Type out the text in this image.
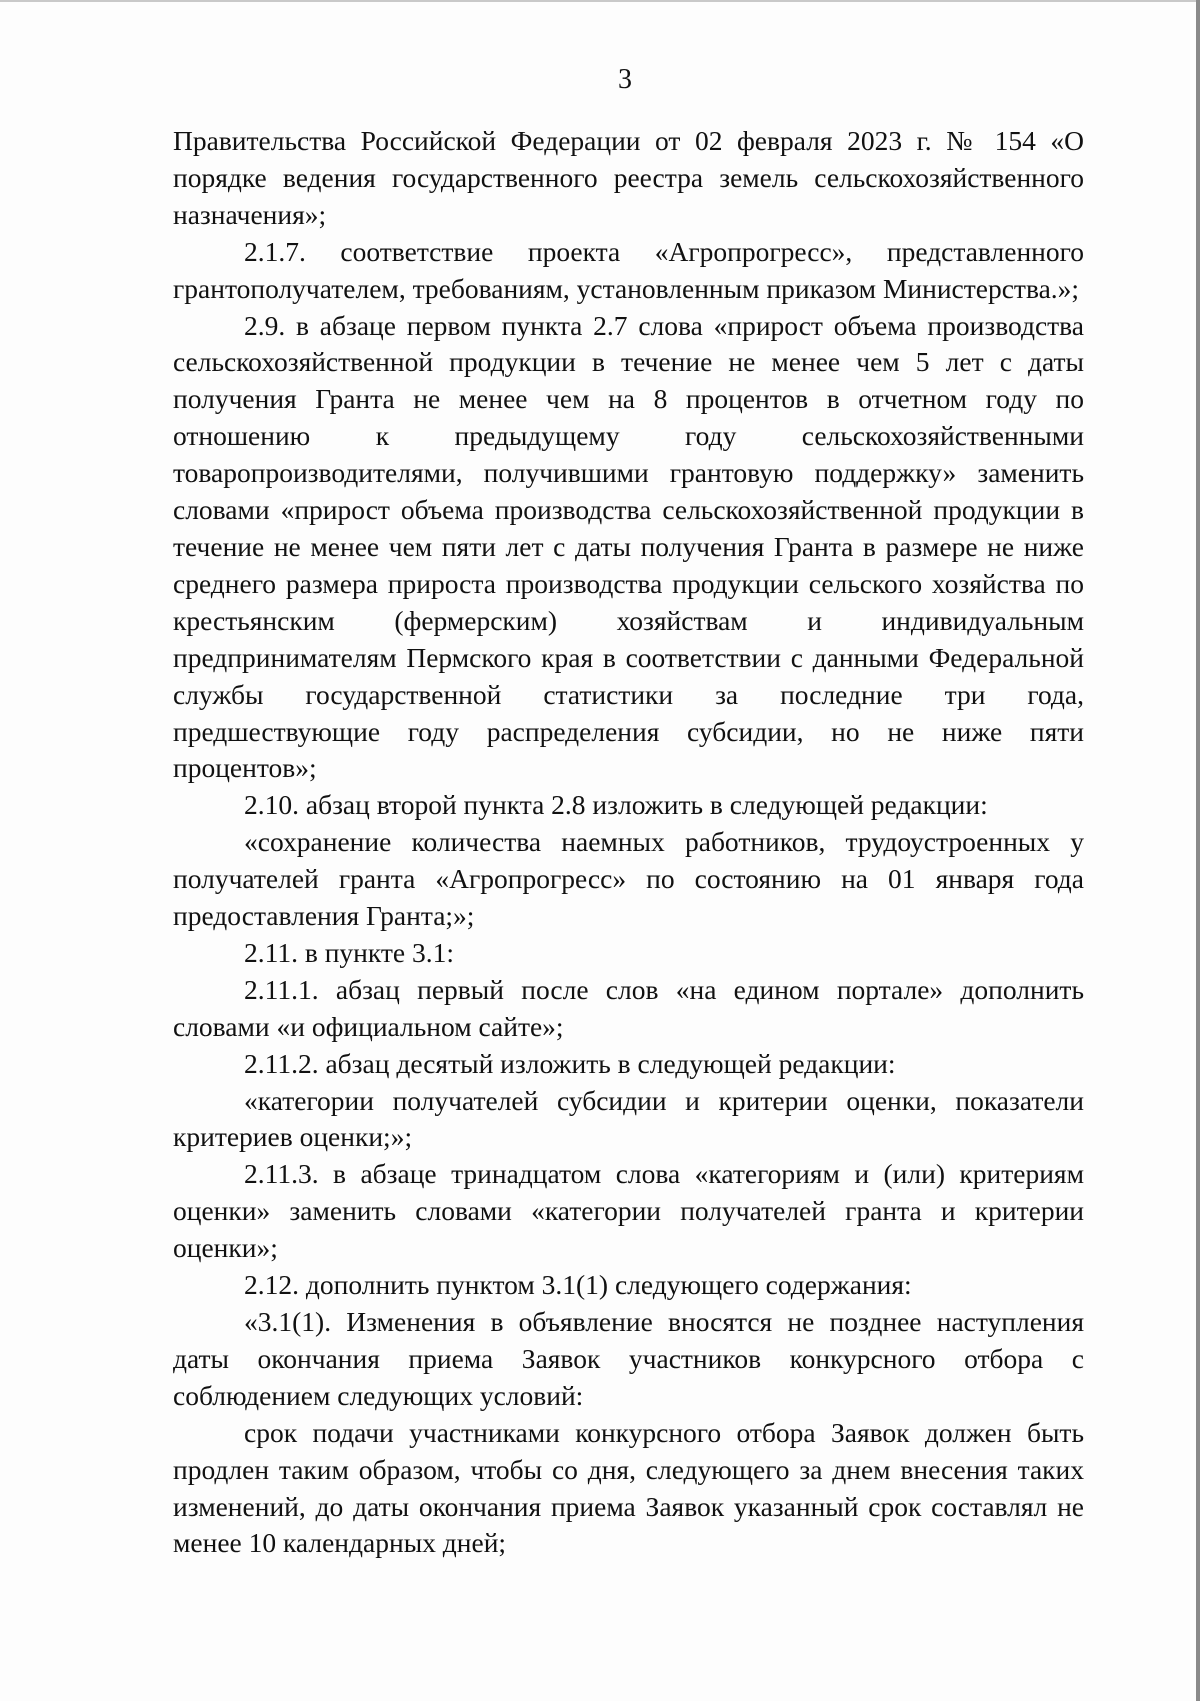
3

Правительства Российской Федерации от 02 февраля 2023 г. № 154 «О порядке ведения государственного реестра земель сельскохозяйственного назначения»;

2.1.7. соответствие проекта «Агропрогресс», представленного грантополучателем, требованиям, установленным приказом Министерства.»;

2.9. в абзаце первом пункта 2.7 слова «прирост объема производства сельскохозяйственной продукции в течение не менее чем 5 лет с даты получения Гранта не менее чем на 8 процентов в отчетном году по отношению к предыдущему году сельскохозяйственными товаропроизводителями, получившими грантовую поддержку» заменить словами «прирост объема производства сельскохозяйственной продукции в течение не менее чем пяти лет с даты получения Гранта в размере не ниже среднего размера прироста производства продукции сельского хозяйства по крестьянским (фермерским) хозяйствам и индивидуальным предпринимателям Пермского края в соответствии с данными Федеральной службы государственной статистики за последние три года, предшествующие году распределения субсидии, но не ниже пяти процентов»;

2.10. абзац второй пункта 2.8 изложить в следующей редакции:

«сохранение количества наемных работников, трудоустроенных у получателей гранта «Агропрогресс» по состоянию на 01 января года предоставления Гранта;»;

2.11. в пункте 3.1:

2.11.1. абзац первый после слов «на едином портале» дополнить словами «и официальном сайте»;

2.11.2. абзац десятый изложить в следующей редакции:

«категории получателей субсидии и критерии оценки, показатели критериев оценки;»;

2.11.3. в абзаце тринадцатом слова «категориям и (или) критериям оценки» заменить словами «категории получателей гранта и критерии оценки»;

2.12. дополнить пунктом 3.1(1) следующего содержания:

«3.1(1). Изменения в объявление вносятся не позднее наступления даты окончания приема Заявок участников конкурсного отбора с соблюдением следующих условий:

срок подачи участниками конкурсного отбора Заявок должен быть продлен таким образом, чтобы со дня, следующего за днем внесения таких изменений, до даты окончания приема Заявок указанный срок составлял не менее 10 календарных дней;
